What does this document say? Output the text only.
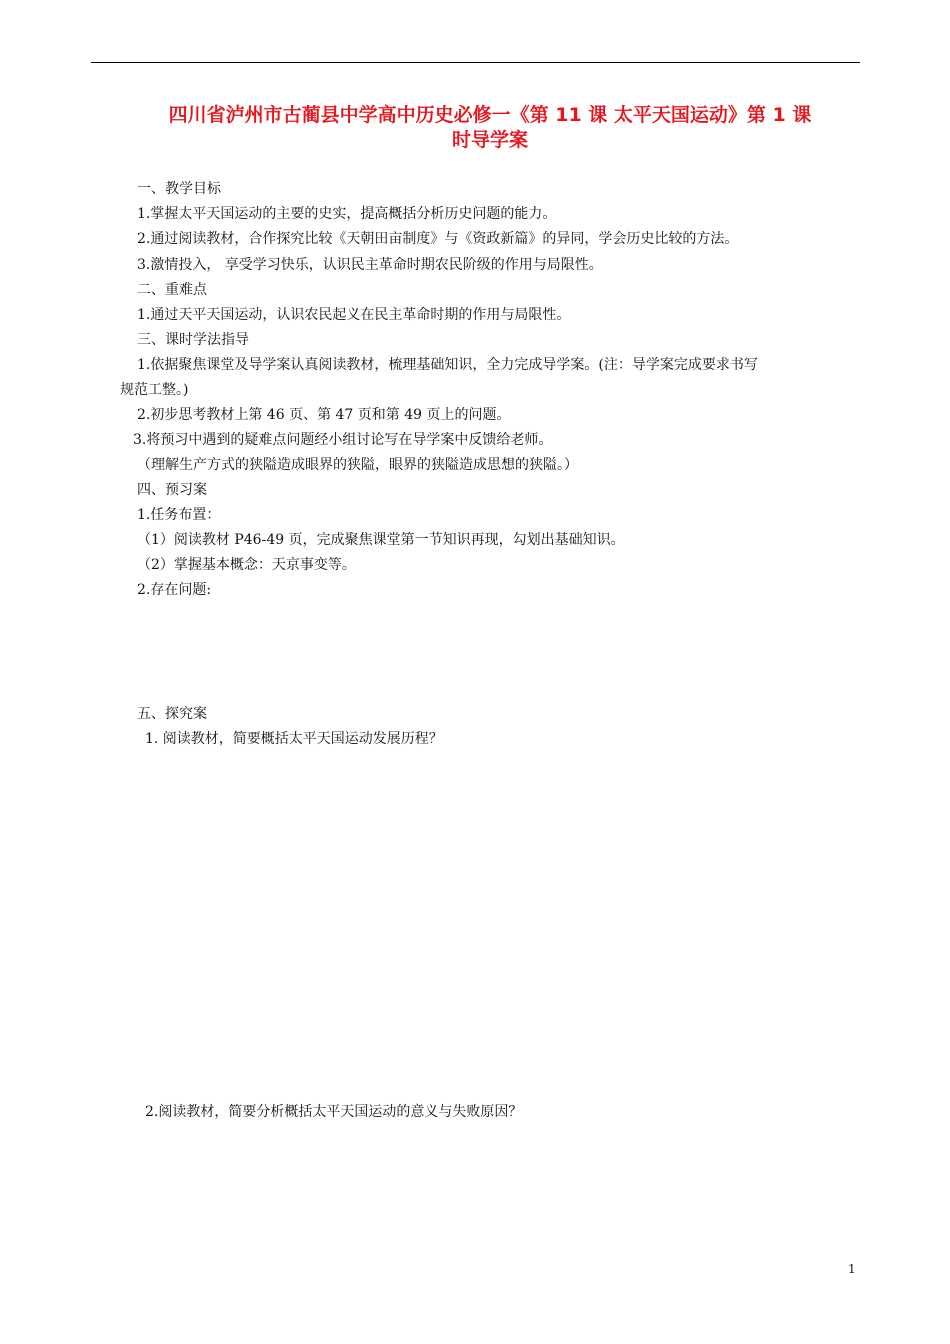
四川省泸州市古蔺县中学高中历史必修一《第 11 课 太平天国运动》第 1 课
时导学案
一、教学目标
1.掌握太平天国运动的主要的史实，提高概括分析历史问题的能力。
2.通过阅读教材，合作探究比较《天朝田亩制度》与《资政新篇》的异同，学会历史比较的方法。
3.激情投入， 享受学习快乐，认识民主革命时期农民阶级的作用与局限性。
二、重难点
1.通过天平天国运动，认识农民起义在民主革命时期的作用与局限性。
三、课时学法指导
1.依据聚焦课堂及导学案认真阅读教材，梳理基础知识，全力完成导学案。(注：导学案完成要求书写
规范工整。)
2.初步思考教材上第 46 页、第 47 页和第 49 页上的问题。
3.将预习中遇到的疑难点问题经小组讨论写在导学案中反馈给老师。
（理解生产方式的狭隘造成眼界的狭隘，眼界的狭隘造成思想的狭隘。）
四、预习案
1.任务布置：
（1）阅读教材 P46-49 页，完成聚焦课堂第一节知识再现，勾划出基础知识。
（2）掌握基本概念：天京事变等。
2.存在问题:
五、探究案
1. 阅读教材，简要概括太平天国运动发展历程？
2.阅读教材，简要分析概括太平天国运动的意义与失败原因？
1
